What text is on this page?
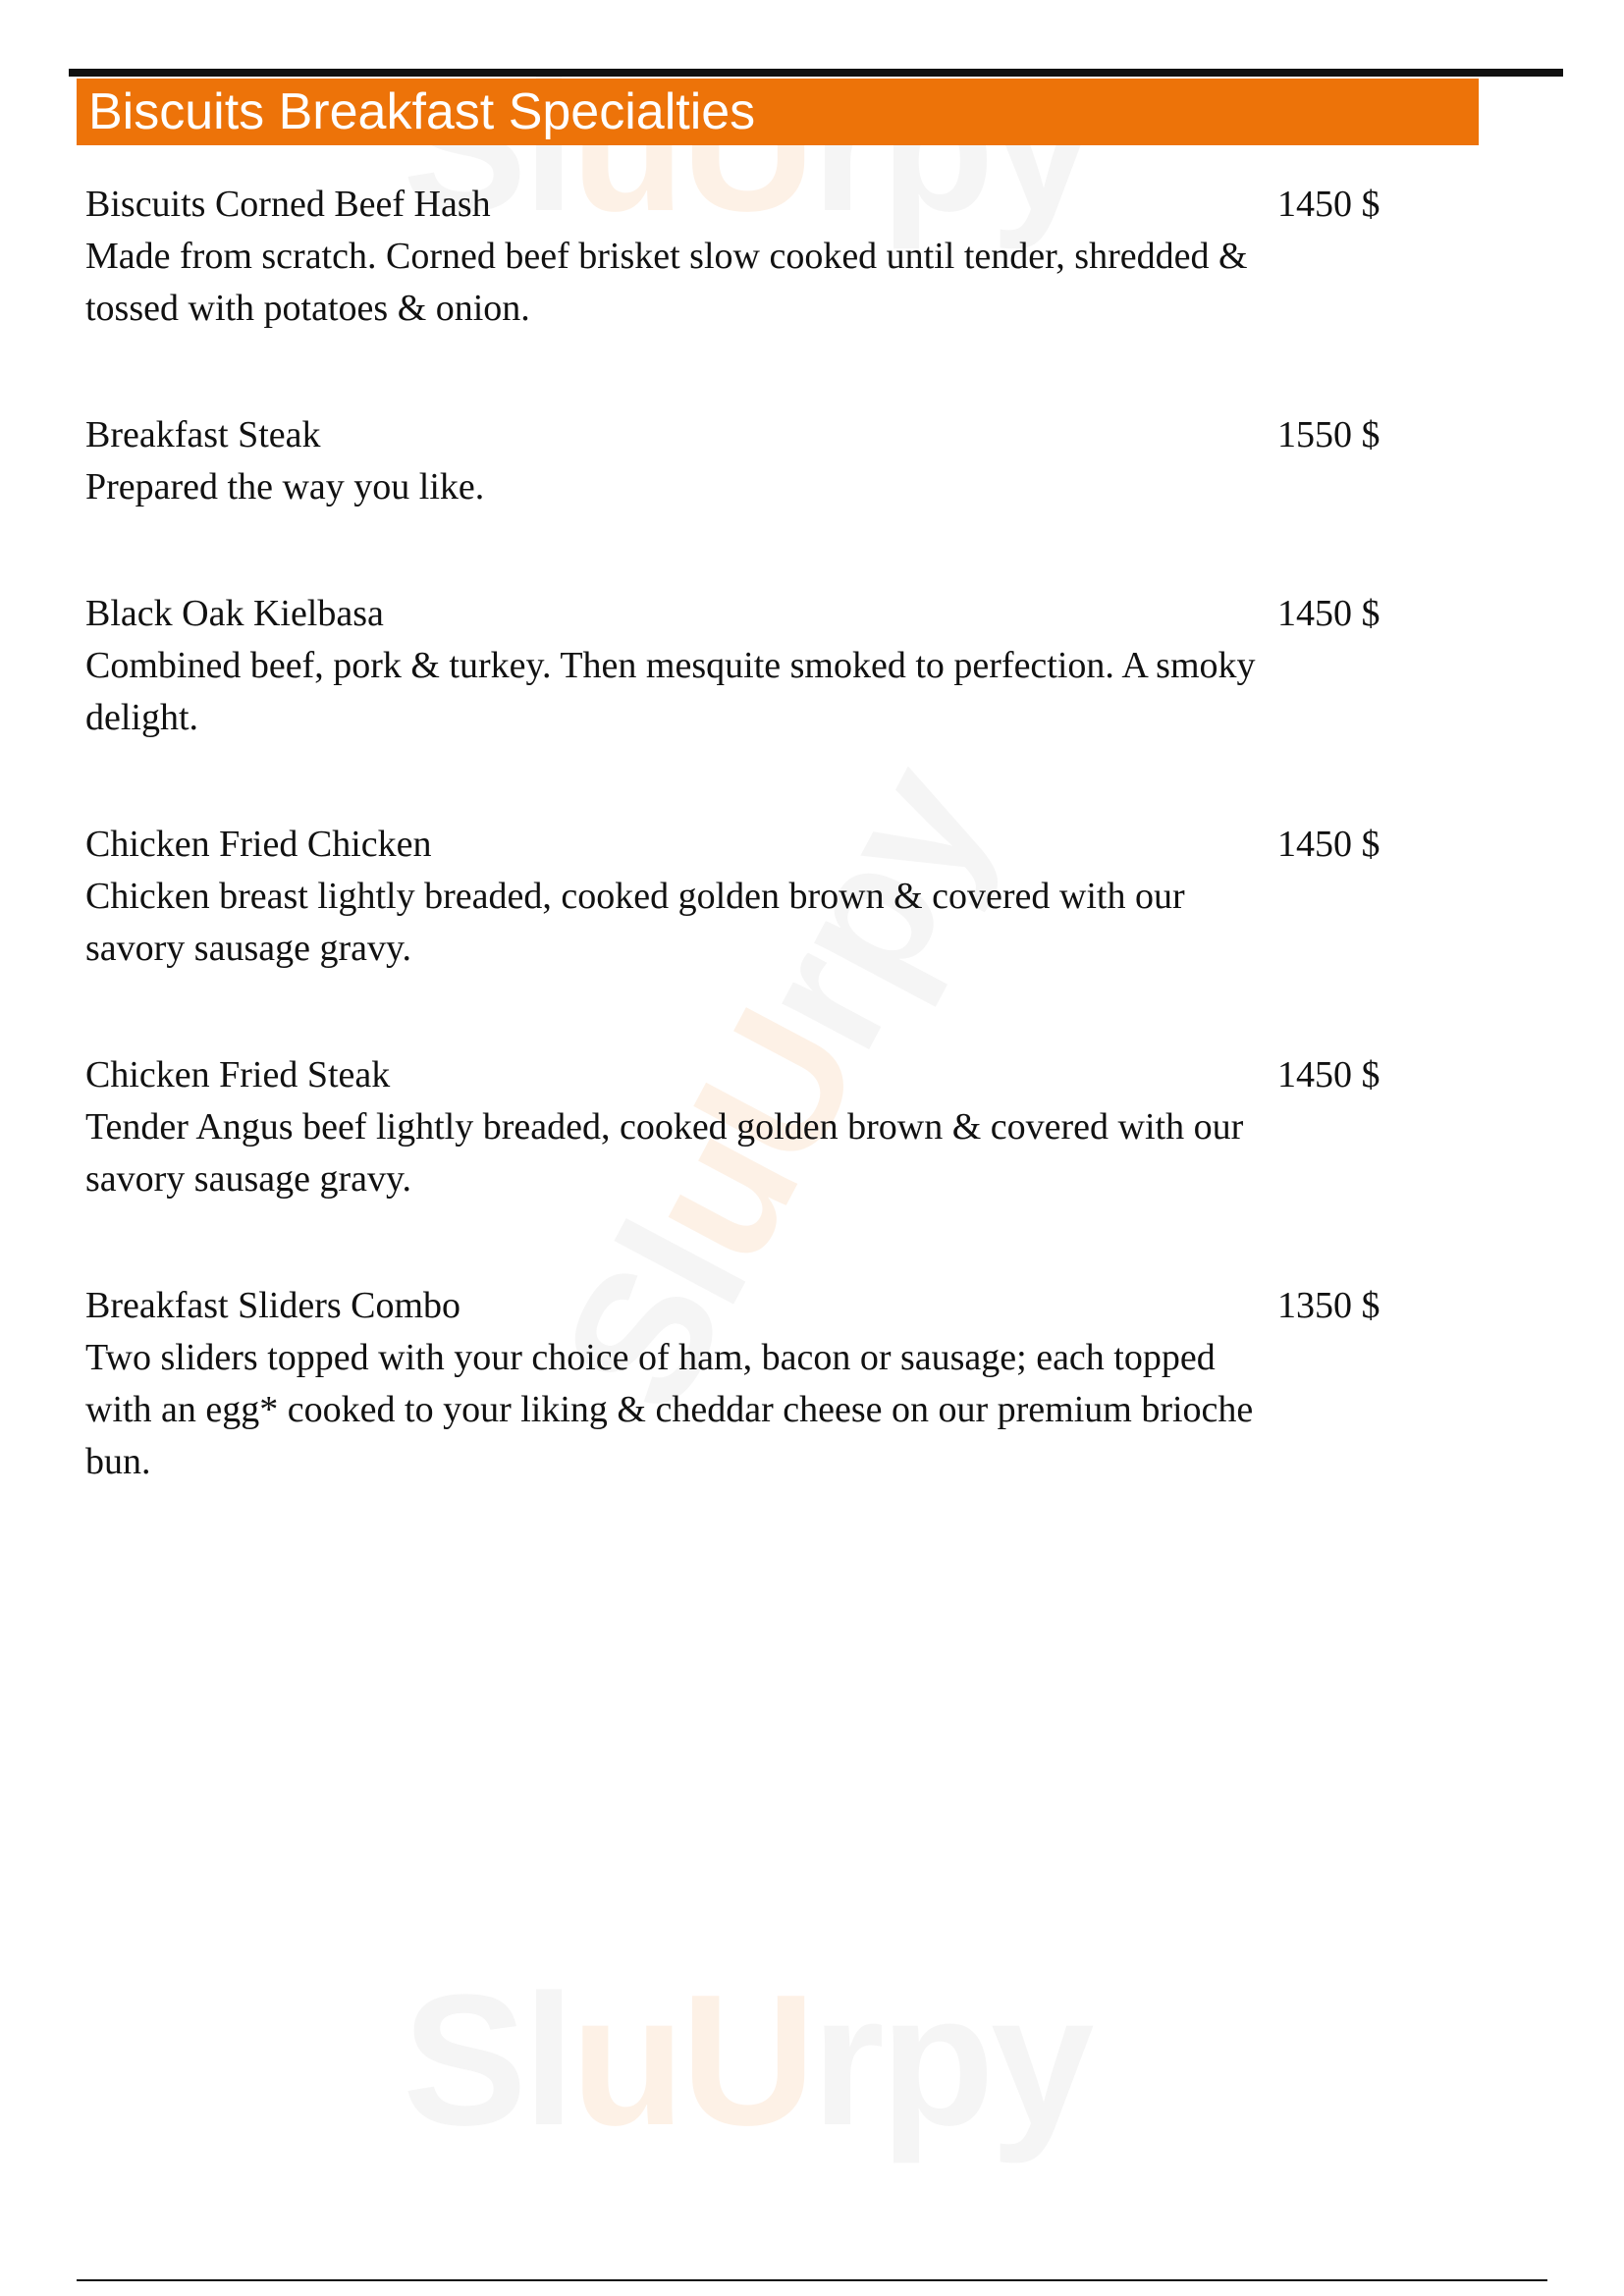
SluUrpy
SluUrpy
SluUrpy
Biscuits Breakfast Specialties
Biscuits Corned Beef Hash	1450 $
Made from scratch. Corned beef brisket slow cooked until tender, shredded & tossed with potatoes & onion.
Breakfast Steak	1550 $
Prepared the way you like.
Black Oak Kielbasa	1450 $
Combined beef, pork & turkey. Then mesquite smoked to perfection. A smoky delight.
Chicken Fried Chicken	1450 $
Chicken breast lightly breaded, cooked golden brown & covered with our savory sausage gravy.
Chicken Fried Steak	1450 $
Tender Angus beef lightly breaded, cooked golden brown & covered with our savory sausage gravy.
Breakfast Sliders Combo	1350 $
Two sliders topped with your choice of ham, bacon or sausage; each topped with an egg* cooked to your liking & cheddar cheese on our premium brioche bun.
